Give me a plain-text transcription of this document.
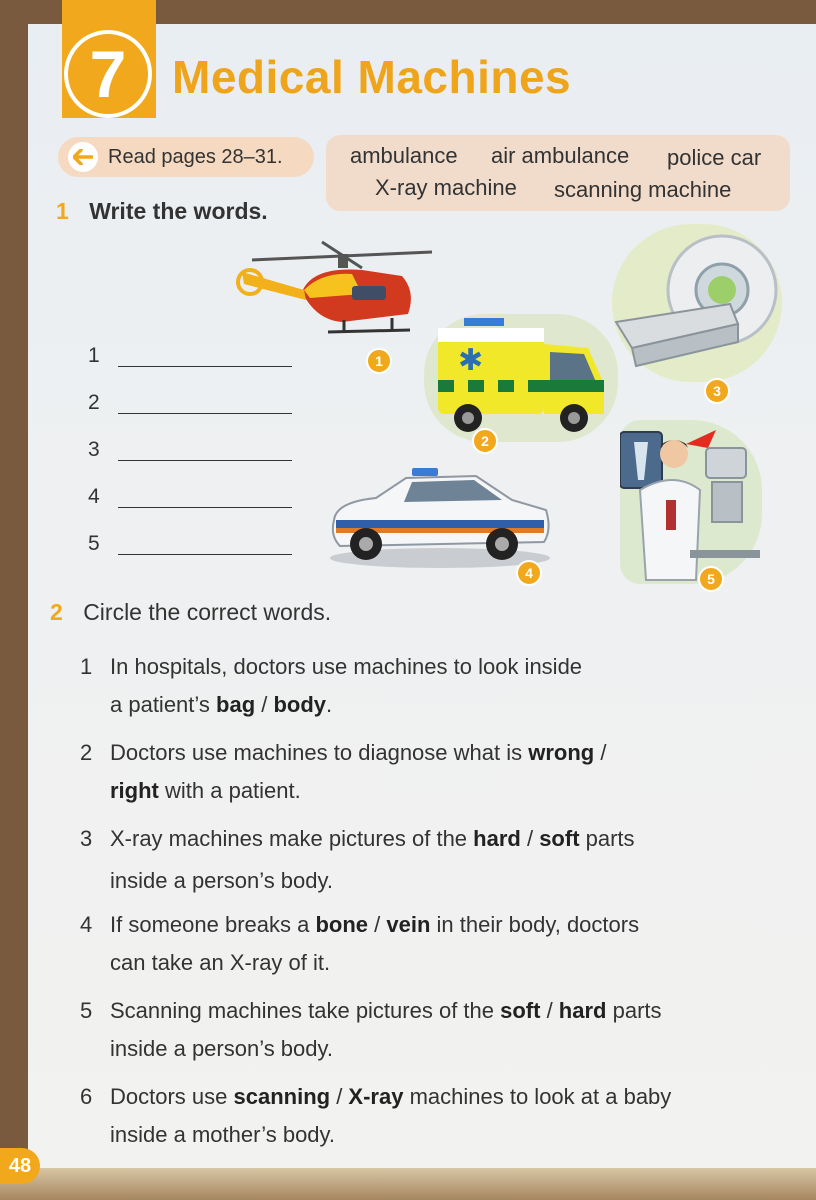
7 Medical Machines
Read pages 28–31.	ambulance air ambulance police car
X-ray machine scanning machine
1 Write the words.
1
2
3
4
5
1	✱
2
3
4	5
2 Circle the correct words.
1 In hospitals, doctors use machines to look inside
a patient’s bag / body.
2 Doctors use machines to diagnose what is wrong /
right with a patient.
3 X-ray machines make pictures of the hard / soft parts
inside a person’s body.
4 If someone breaks a bone / vein in their body, doctors
can take an X-ray of it.
5 Scanning machines take pictures of the soft / hard parts
inside a person’s body.
6 Doctors use scanning / X-ray machines to look at a baby
inside a mother’s body.
48
